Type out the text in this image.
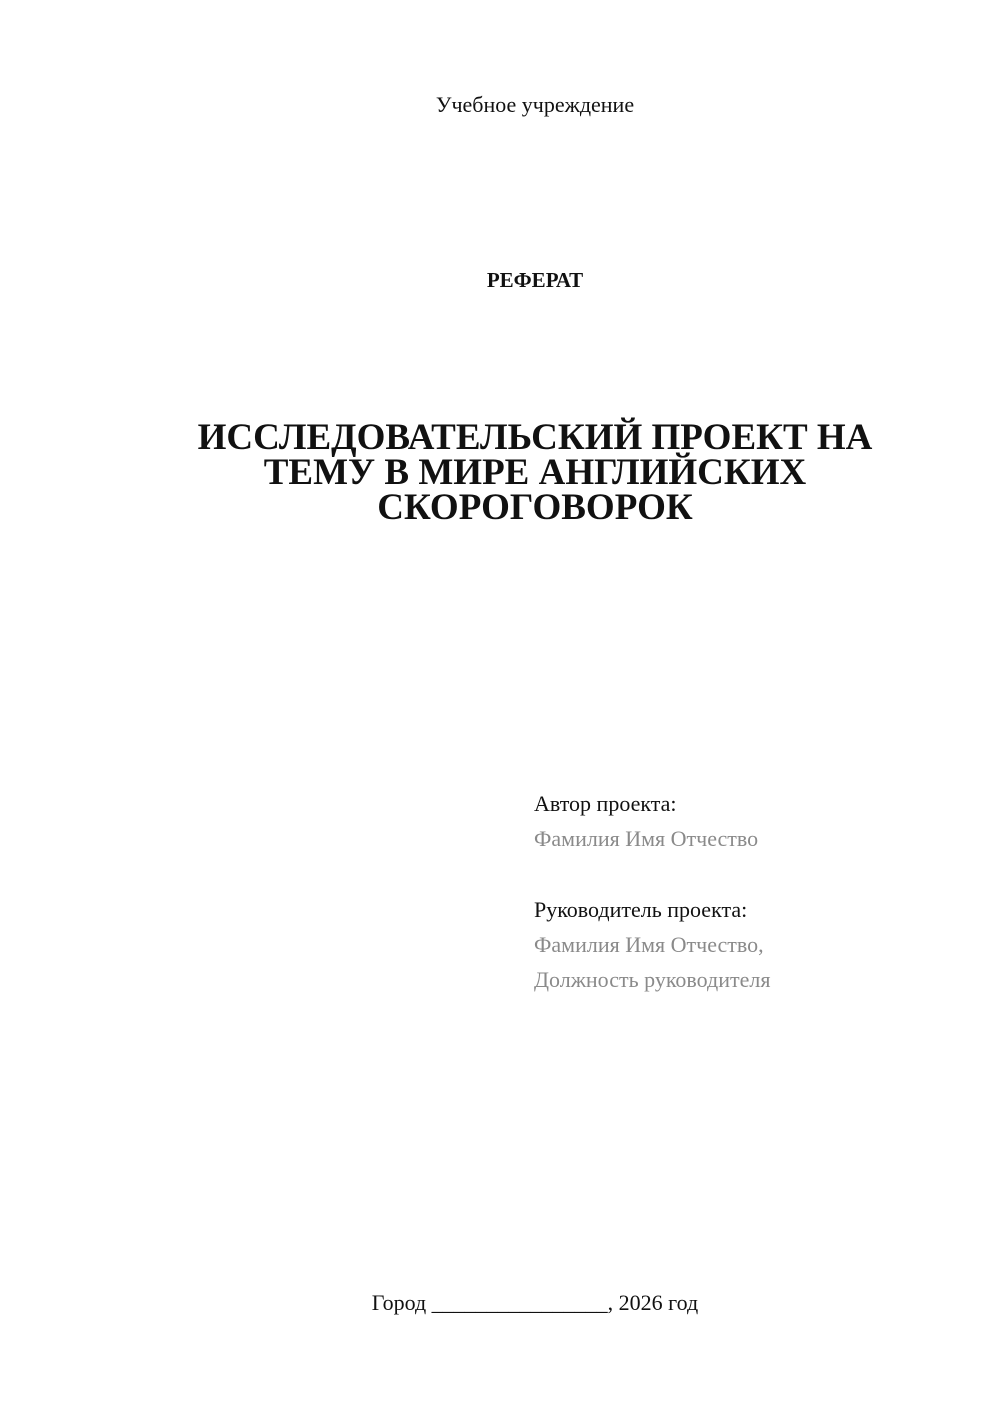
Учебное учреждение
РЕФЕРАТ
ИССЛЕДОВАТЕЛЬСКИЙ ПРОЕКТ НА
ТЕМУ В МИРЕ АНГЛИЙСКИХ
СКОРОГОВОРОК
Автор проекта:
Фамилия Имя Отчество
Руководитель проекта:
Фамилия Имя Отчество,
Должность руководителя
Город ________________, 2026 год
